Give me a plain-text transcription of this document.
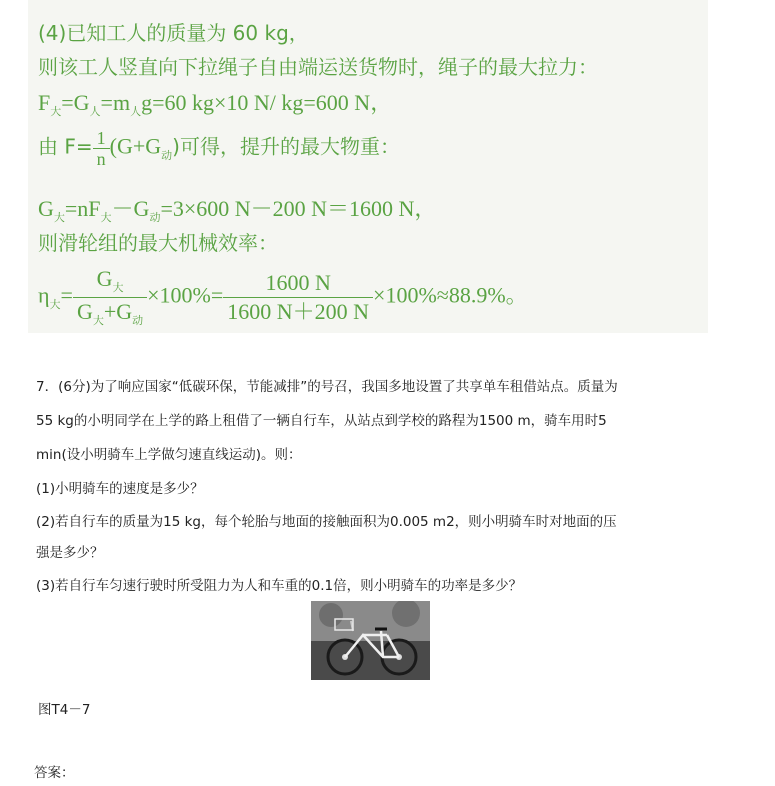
(4)已知工人的质量为 60 kg，
则该工人竖直向下拉绳子自由端运送货物时，绳子的最大拉力：
$F_大=G_人=m_人g=60$ kg×10 N/ kg=600 N，
由 $F= \frac{1}{n} (G+G_动)$可得，提升的最大物重：
$G_大=nF_大-G_动=3\times 600$ N－200 N＝1600 N，
则滑轮组的最大机械效率：
$\eta_大= \frac{G_大}{G_大+G_动} \times 100\%= \frac{1600 N}{1600 N+200 N} \times 100\%\approx 88.9\%$。
7．(6分)为了响应国家“低碳环保，节能减排”的号召，我国多地设置了共享单车租借站点。质量为
55 kg的小明同学在上学的路上租借了一辆自行车，从站点到学校的路程为1500 m，骑车用时5
min(设小明骑车上学做匀速直线运动)。则：
(1)小明骑车的速度是多少？
(2)若自行车的质量为15 kg，每个轮胎与地面的接触面积为0.005 m2，则小明骑车时对地面的压
强是多少？
(3)若自行车匀速行驶时所受阻力为人和车重的0.1倍，则小明骑车的功率是多少？
图T4－7
答案：
